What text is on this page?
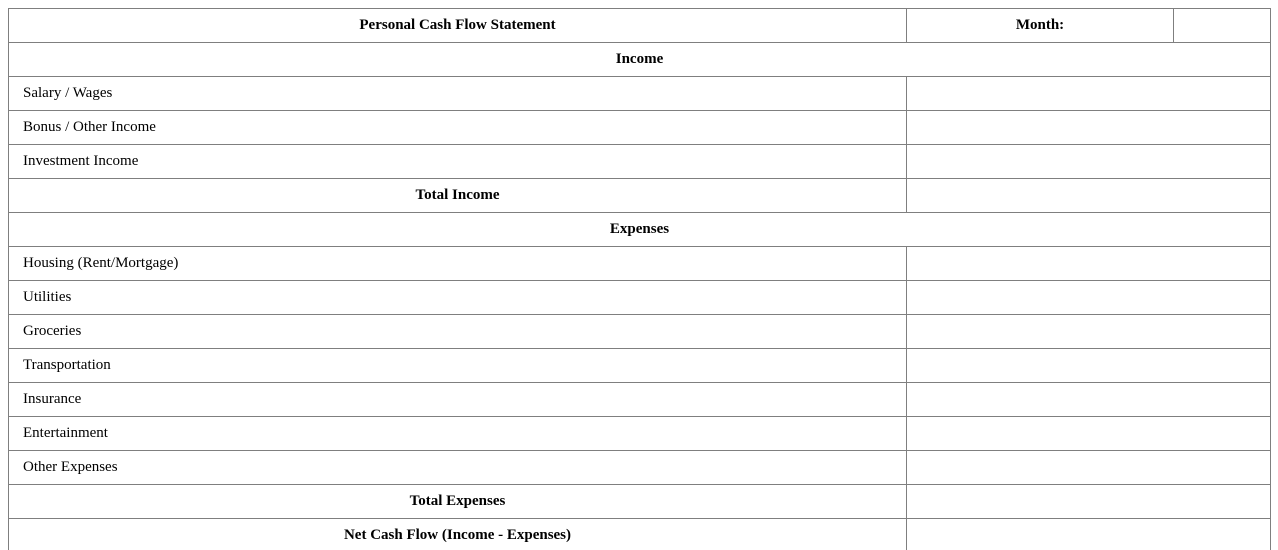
Personal Cash Flow Statement	Month:	
Income		
Salary / Wages		
Bonus / Other Income		
Investment Income		
Total Income		
Expenses		
Housing (Rent/Mortgage)		
Utilities		
Groceries		
Transportation		
Insurance		
Entertainment		
Other Expenses		
Total Expenses		
Net Cash Flow (Income - Expenses)		
